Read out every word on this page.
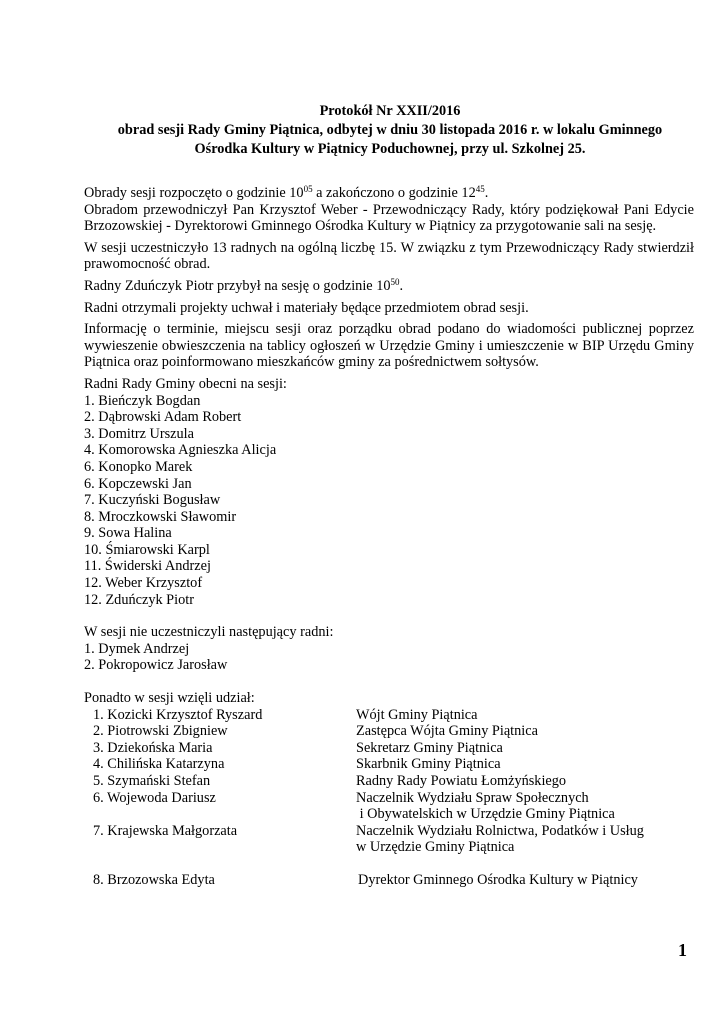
Protokół Nr XXII/2016
obrad sesji Rady Gminy Piątnica, odbytej w dniu 30 listopada 2016 r. w lokalu Gminnego
Ośrodka Kultury w Piątnicy Poduchownej, przy ul. Szkolnej 25.

Obrady sesji rozpoczęto o godzinie $10^{05}$ a zakończono o godzinie $12^{45}$.

Obradom przewodniczył Pan Krzysztof Weber - Przewodniczący Rady, który podziękował Pani Edycie Brzozowskiej - Dyrektorowi Gminnego Ośrodka Kultury w Piątnicy za przygotowanie sali na sesję.

W sesji uczestniczyło 13 radnych na ogólną liczbę 15. W związku z tym Przewodniczący Rady stwierdził prawomocność obrad.

Radny Zduńczyk Piotr przybył na sesję o godzinie $10^{50}$.

Radni otrzymali projekty uchwał i materiały będące przedmiotem obrad sesji.

Informację o terminie, miejscu sesji oraz porządku obrad podano do wiadomości publicznej poprzez wywieszenie obwieszczenia na tablicy ogłoszeń w Urzędzie Gminy i umieszczenie w BIP Urzędu Gminy Piątnica oraz poinformowano mieszkańców gminy za pośrednictwem sołtysów.

Radni Rady Gminy obecni na sesji:
1. Bieńczyk Bogdan
2. Dąbrowski Adam Robert
3. Domitrz Urszula
4. Komorowska Agnieszka Alicja
6. Konopko Marek
6. Kopczewski Jan
7. Kuczyński Bogusław
8. Mroczkowski Sławomir
9. Sowa Halina
10. Śmiarowski Karpl
11. Świderski Andrzej
12. Weber Krzysztof
12. Zduńczyk Piotr
W sesji nie uczestniczyli następujący radni:
1. Dymek Andrzej
2. Pokropowicz Jarosław
Ponadto w sesji wzięli udział:
1. Kozicki Krzysztof Ryszard	Wójt Gminy Piątnica
2. Piotrowski Zbigniew	Zastępca Wójta Gminy Piątnica
3. Dziekońska Maria	Sekretarz Gminy Piątnica
4. Chilińska Katarzyna	Skarbnik Gminy Piątnica
5. Szymański Stefan	Radny Rady Powiatu Łomżyńskiego
6. Wojewoda Dariusz	Naczelnik Wydziału Spraw Społecznych
i Obywatelskich w Urzędzie Gminy Piątnica
7. Krajewska Małgorzata	Naczelnik Wydziału Rolnictwa, Podatków i Usług
w Urzędzie Gminy Piątnica
8. Brzozowska Edyta	Dyrektor Gminnego Ośrodka Kultury w Piątnicy
1
